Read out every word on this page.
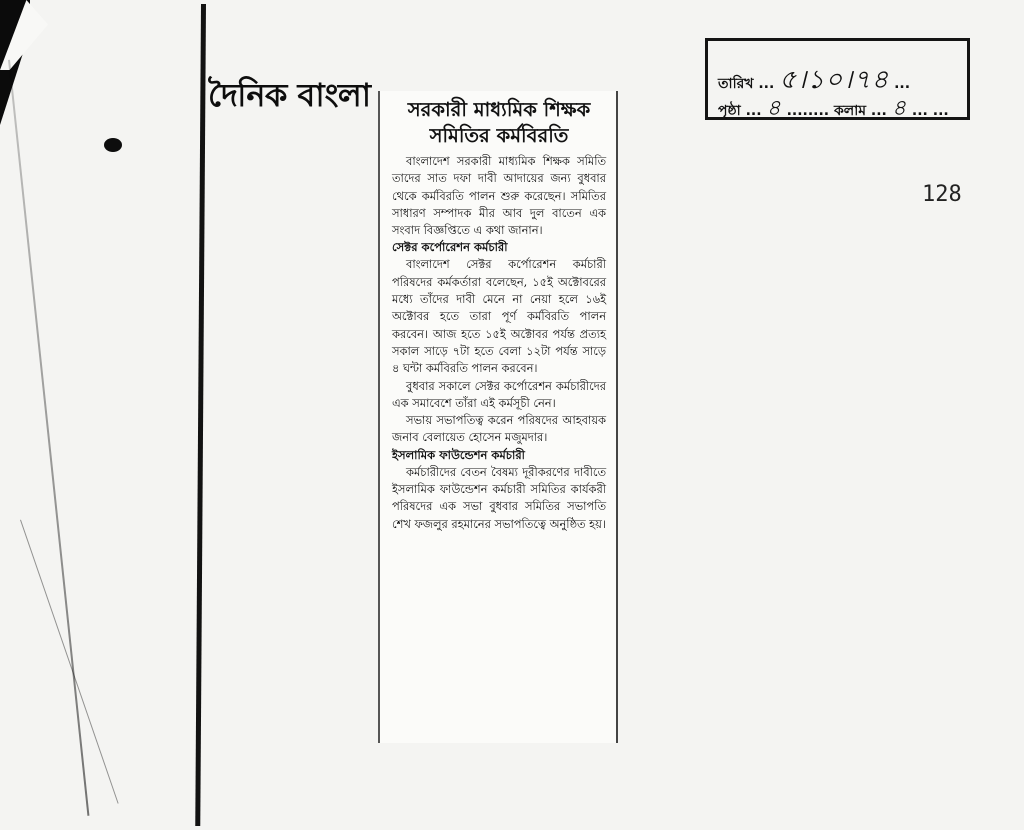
দৈনিক বাংলা	তারিখ ... ৫।১০।৭৪ ...
পৃষ্ঠা ... ৪ ........ কলাম ... ৪ ... ...
128
সরকারী মাধ্যমিক শিক্ষক
সমিতির কর্মবিরতি

বাংলাদেশ সরকারী মাধ্যমিক শিক্ষক সমিতি তাদের সাত দফা দাবী আদায়ের জন্য বুধবার থেকে কর্মবিরতি পালন শুরু করেছেন। সমিতির সাধারণ সম্পাদক মীর আব দুল বাতেন এক সংবাদ বিজ্ঞপ্তিতে এ কথা জানান।

সেক্টর কর্পোরেশন কর্মচারী

বাংলাদেশ সেক্টর কর্পোরেশন কর্মচারী পরিষদের কর্মকর্তারা বলেছেন, ১৫ই অক্টোবরের মধ্যে তাঁদের দাবী মেনে না নেয়া হলে ১৬ই অক্টোবর হতে তারা পূর্ণ কর্মবিরতি পালন করবেন। আজ হতে ১৫ই অক্টোবর পর্যন্ত প্রত্যহ সকাল সাড়ে ৭টা হতে বেলা ১২টা পর্যন্ত সাড়ে ৪ ঘন্টা কর্মবিরতি পালন করবেন।

বুধবার সকালে সেক্টর কর্পোরেশন কর্মচারীদের এক সমাবেশে তাঁরা এই কর্মসূচী নেন।

সভায় সভাপতিত্ব করেন পরিষদের আহবায়ক জনাব বেলায়েত হোসেন মজুমদার।

ইসলামিক ফাউন্ডেশন কর্মচারী

কর্মচারীদের বেতন বৈষম্য দূরীকরণের দাবীতে ইসলামিক ফাউন্ডেশন কর্মচারী সমিতির কার্যকরী পরিষদের এক সভা বুধবার সমিতির সভাপতি শেখ ফজলুর রহমানের সভাপতিত্বে অনুষ্ঠিত হয়।
